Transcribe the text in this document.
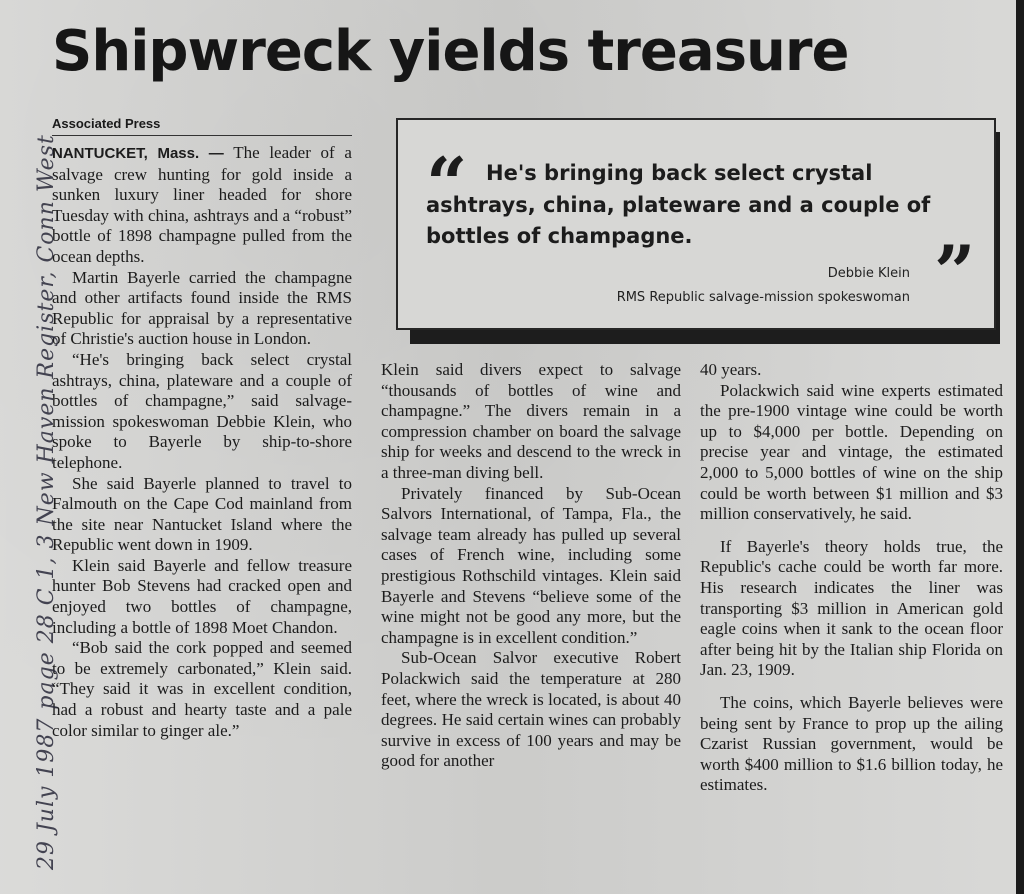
Shipwreck yields treasure
Associated Press

NANTUCKET, Mass. — The leader of a salvage crew hunting for gold inside a sunken luxury liner headed for shore Tuesday with china, ashtrays and a “robust” bottle of 1898 champagne pulled from the ocean depths.

Martin Bayerle carried the champagne and other artifacts found inside the RMS Republic for appraisal by a representative of Christie's auction house in London.

“He's bringing back select crystal ashtrays, china, plateware and a couple of bottles of champagne,” said salvage-mission spokeswoman Debbie Klein, who spoke to Bayerle by ship-to-shore telephone.

She said Bayerle planned to travel to Falmouth on the Cape Cod mainland from the site near Nantucket Island where the Republic went down in 1909.

Klein said Bayerle and fellow treasure hunter Bob Stevens had cracked open and enjoyed two bottles of champagne, including a bottle of 1898 Moet Chandon.

“Bob said the cork popped and seemed to be extremely carbonated,” Klein said. “They said it was in excellent condition, had a robust and hearty taste and a pale color similar to ginger ale.”

“ He's bringing back select crystal ashtrays, china, plateware and a couple of bottles of champagne.	”
Debbie Klein
RMS Republic salvage-mission spokeswoman

Klein said divers expect to salvage “thousands of bottles of wine and champagne.” The divers remain in a compression chamber on board the salvage ship for weeks and descend to the wreck in a three-man diving bell.

Privately financed by Sub-Ocean Salvors International, of Tampa, Fla., the salvage team already has pulled up several cases of French wine, including some prestigious Rothschild vintages. Klein said Bayerle and Stevens “believe some of the wine might not be good any more, but the champagne is in excellent condition.”

Sub-Ocean Salvor executive Robert Polackwich said the temperature at 280 feet, where the wreck is located, is about 40 degrees. He said certain wines can probably survive in excess of 100 years and may be good for another

40 years.

Polackwich said wine experts estimated the pre-1900 vintage wine could be worth up to $4,000 per bottle. Depending on precise year and vintage, the estimated 2,000 to 5,000 bottles of wine on the ship could be worth between $1 million and $3 million conservatively, he said.

If Bayerle's theory holds true, the Republic's cache could be worth far more. His research indicates the liner was transporting $3 million in American gold eagle coins when it sank to the ocean floor after being hit by the Italian ship Florida on Jan. 23, 1909.

The coins, which Bayerle believes were being sent by France to prop up the ailing Czarist Russian government, would be worth $400 million to $1.6 billion today, he estimates.

29 July 1987 page 28 C 1, 3 New Haven Register, Conn West
